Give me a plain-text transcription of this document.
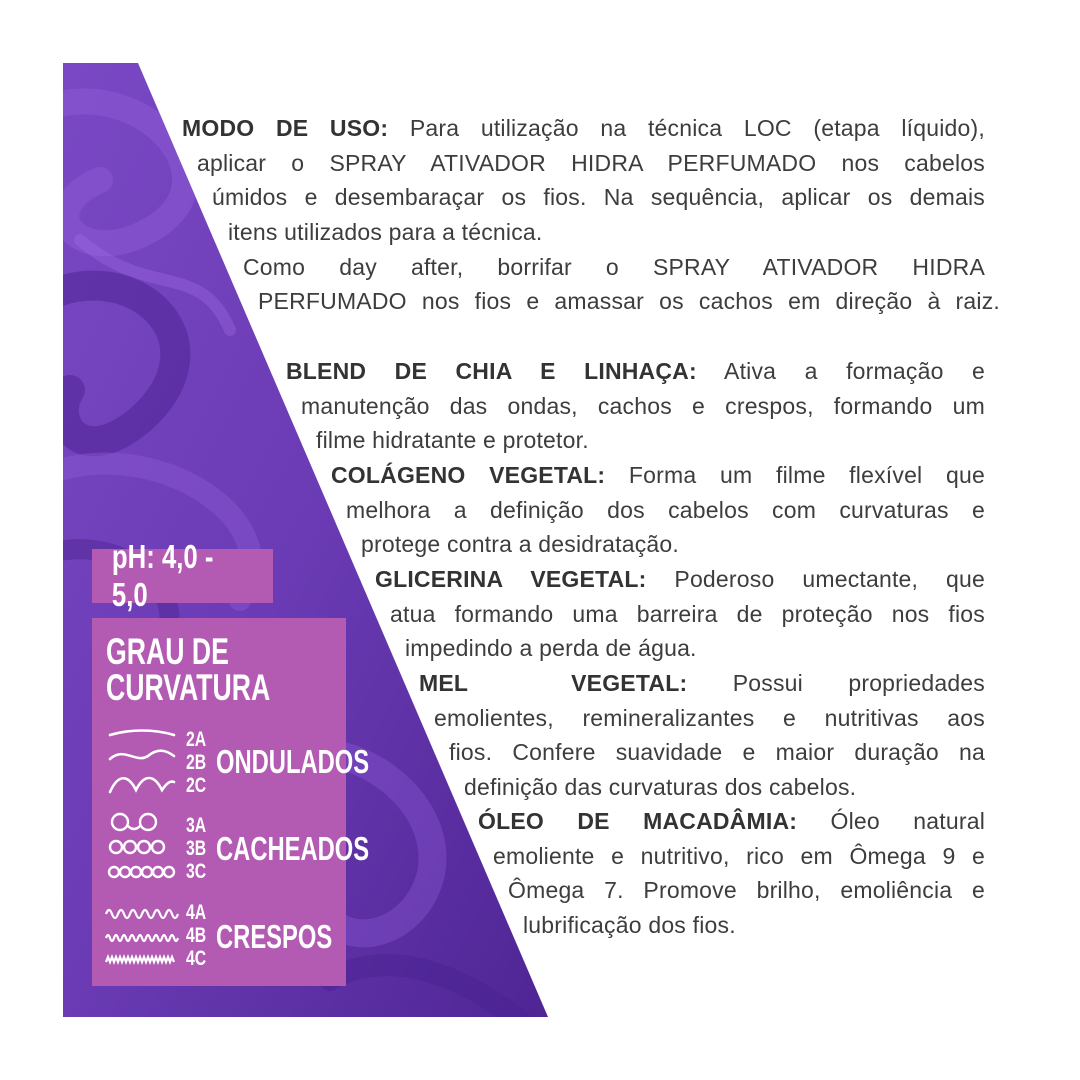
MODO DE USO: Para utilização na técnica LOC (etapa líquido),
aplicar o SPRAY ATIVADOR HIDRA PERFUMADO nos cabelos
úmidos e desembaraçar os fios. Na sequência, aplicar os demais
itens utilizados para a técnica.
Como day after, borrifar o SPRAY ATIVADOR HIDRA
PERFUMADO nos fios e amassar os cachos em direção à raiz.
BLEND DE CHIA E LINHAÇA: Ativa a formação e
manutenção das ondas, cachos e crespos, formando um
filme hidratante e protetor.
COLÁGENO VEGETAL: Forma um filme flexível que
melhora a definição dos cabelos com curvaturas e
protege contra a desidratação.
GLICERINA VEGETAL: Poderoso umectante, que
atua formando uma barreira de proteção nos fios
impedindo a perda de água.
MEL VEGETAL: Possui propriedades
emolientes, remineralizantes e nutritivas aos
fios. Confere suavidade e maior duração na
definição das curvaturas dos cabelos.
ÓLEO DE MACADÂMIA: Óleo natural
emoliente e nutritivo, rico em Ômega 9 e
Ômega 7. Promove brilho, emoliência e
lubrificação dos fios.
pH: 4,0 - 5,0
GRAU DE
CURVATURA
2A
2B
2C
ONDULADOS
3A
3B
3C
CACHEADOS
4A
4B
4C
CRESPOS
